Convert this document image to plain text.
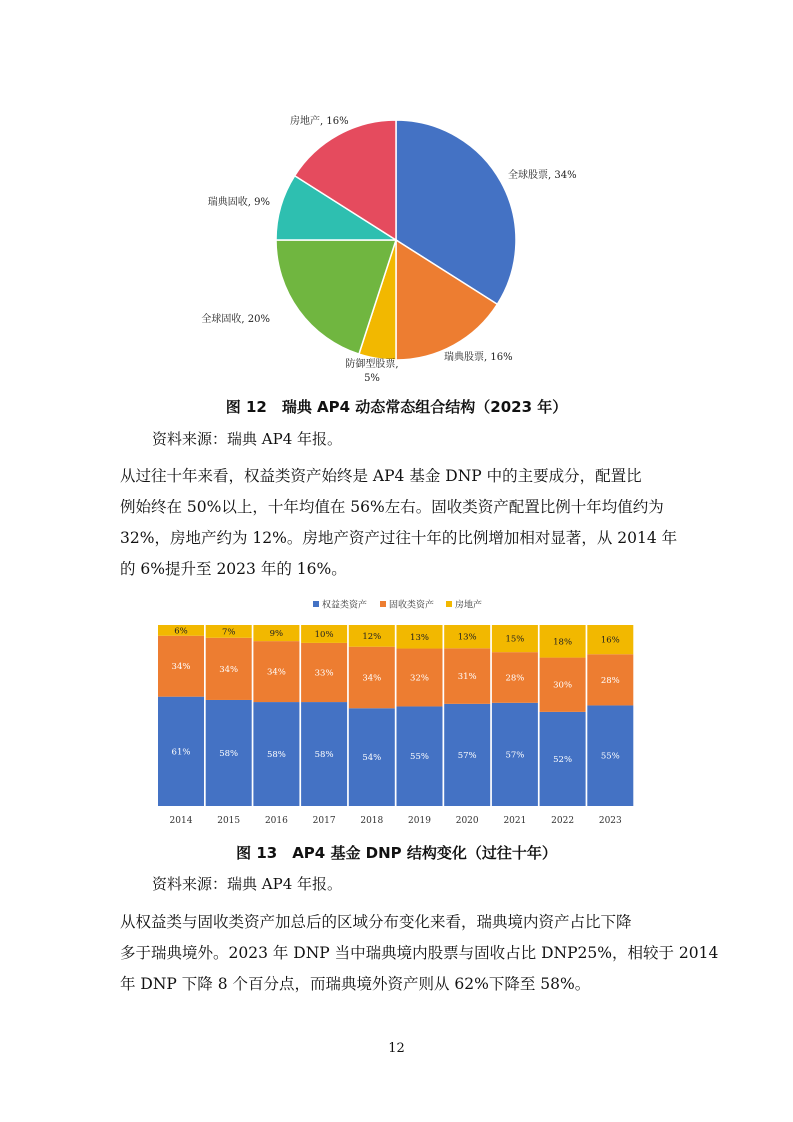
全球股票, 34%
瑞典股票, 16%
防御型股票, 5%
全球固收, 20%
瑞典固收, 9%
房地产, 16%
图 12　瑞典 AP4 动态常态组合结构（2023 年）
资料来源：瑞典 AP4 年报。
从过往十年来看，权益类资产始终是 AP4 基金 DNP 中的主要成分，配置比
例始终在 50%以上，十年均值在 56%左右。固收类资产配置比例十年均值约为
32%，房地产约为 12%。房地产资产过往十年的比例增加相对显著，从 2014 年
的 6%提升至 2023 年的 16%。
权益类资产 固收类资产 房地产
61%
34%
6%
2014
58%
34%
7%
2015
58%
34%
9%
2016
58%
33%
10%
2017
54%
34%
12%
2018
55%
32%
13%
2019
57%
31%
13%
2020
57%
28%
15%
2021
52%
30%
18%
2022
55%
28%
16%
2023
图 13　AP4 基金 DNP 结构变化（过往十年）
资料来源：瑞典 AP4 年报。
从权益类与固收类资产加总后的区域分布变化来看，瑞典境内资产占比下降
多于瑞典境外。2023 年 DNP 当中瑞典境内股票与固收占比 DNP25%，相较于 2014
年 DNP 下降 8 个百分点，而瑞典境外资产则从 62%下降至 58%。
12
